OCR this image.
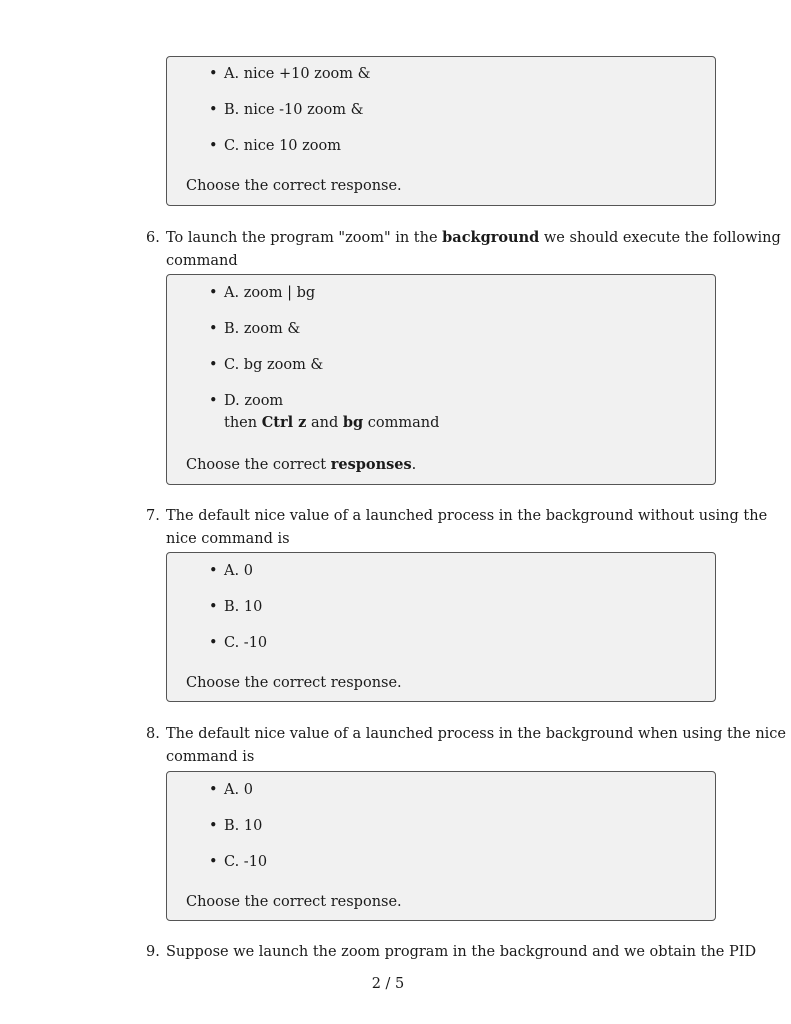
• A. nice +10 zoom &
• B. nice -10 zoom &
• C. nice 10 zoom
Choose the correct response.
6. To launch the program "zoom" in the background we should execute the following
command
• A. zoom | bg
• B. zoom &
• C. bg zoom &
• D. zoom
then Ctrl z and bg command
Choose the correct responses.
7. The default nice value of a launched process in the background without using the
nice command is
• A. 0
• B. 10
• C. -10
Choose the correct response.
8. The default nice value of a launched process in the background when using the nice
command is
• A. 0
• B. 10
• C. -10
Choose the correct response.
9. Suppose we launch the zoom program in the background and we obtain the PID
2 / 5
